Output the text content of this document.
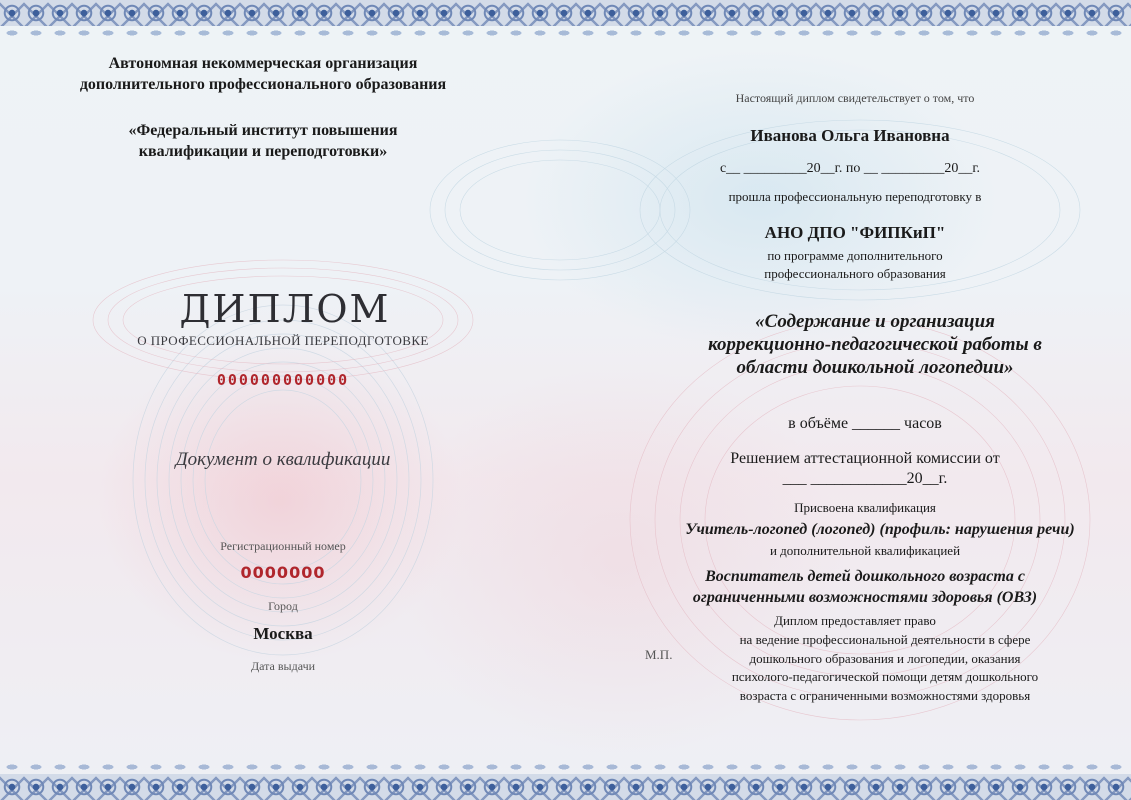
Автономная некоммерческая организация
дополнительного профессионального образования
«Федеральный институт повышения
квалификации и переподготовки»
ДИПЛОМ
О ПРОФЕССИОНАЛЬНОЙ ПЕРЕПОДГОТОВКЕ
000000000000
Документ о квалификации
Регистрационный номер
0000000
Город
Москва
Дата выдачи
Настоящий диплом свидетельствует о том, что
Иванова Ольга Ивановна
с__ _________20__г. по __ _________20__г.
прошла профессиональную переподготовку в
АНО ДПО "ФИПКиП"
по программе дополнительного
профессионального образования
«Содержание и организация
коррекционно-педагогической работы в
области дошкольной логопедии»
в объёме ______ часов
Решением аттестационной комиссии от
___ ____________20__г.
Присвоена квалификация
Учитель-логопед (логопед) (профиль: нарушения речи)
и дополнительной квалификацией
Воспитатель детей дошкольного возраста с
ограниченными возможностями здоровья (ОВЗ)
Диплом предоставляет право
М.П.
на ведение профессиональной деятельности в сфере
дошкольного образования и логопедии, оказания
психолого-педагогической помощи детям дошкольного
возраста с ограниченными возможностями здоровья
